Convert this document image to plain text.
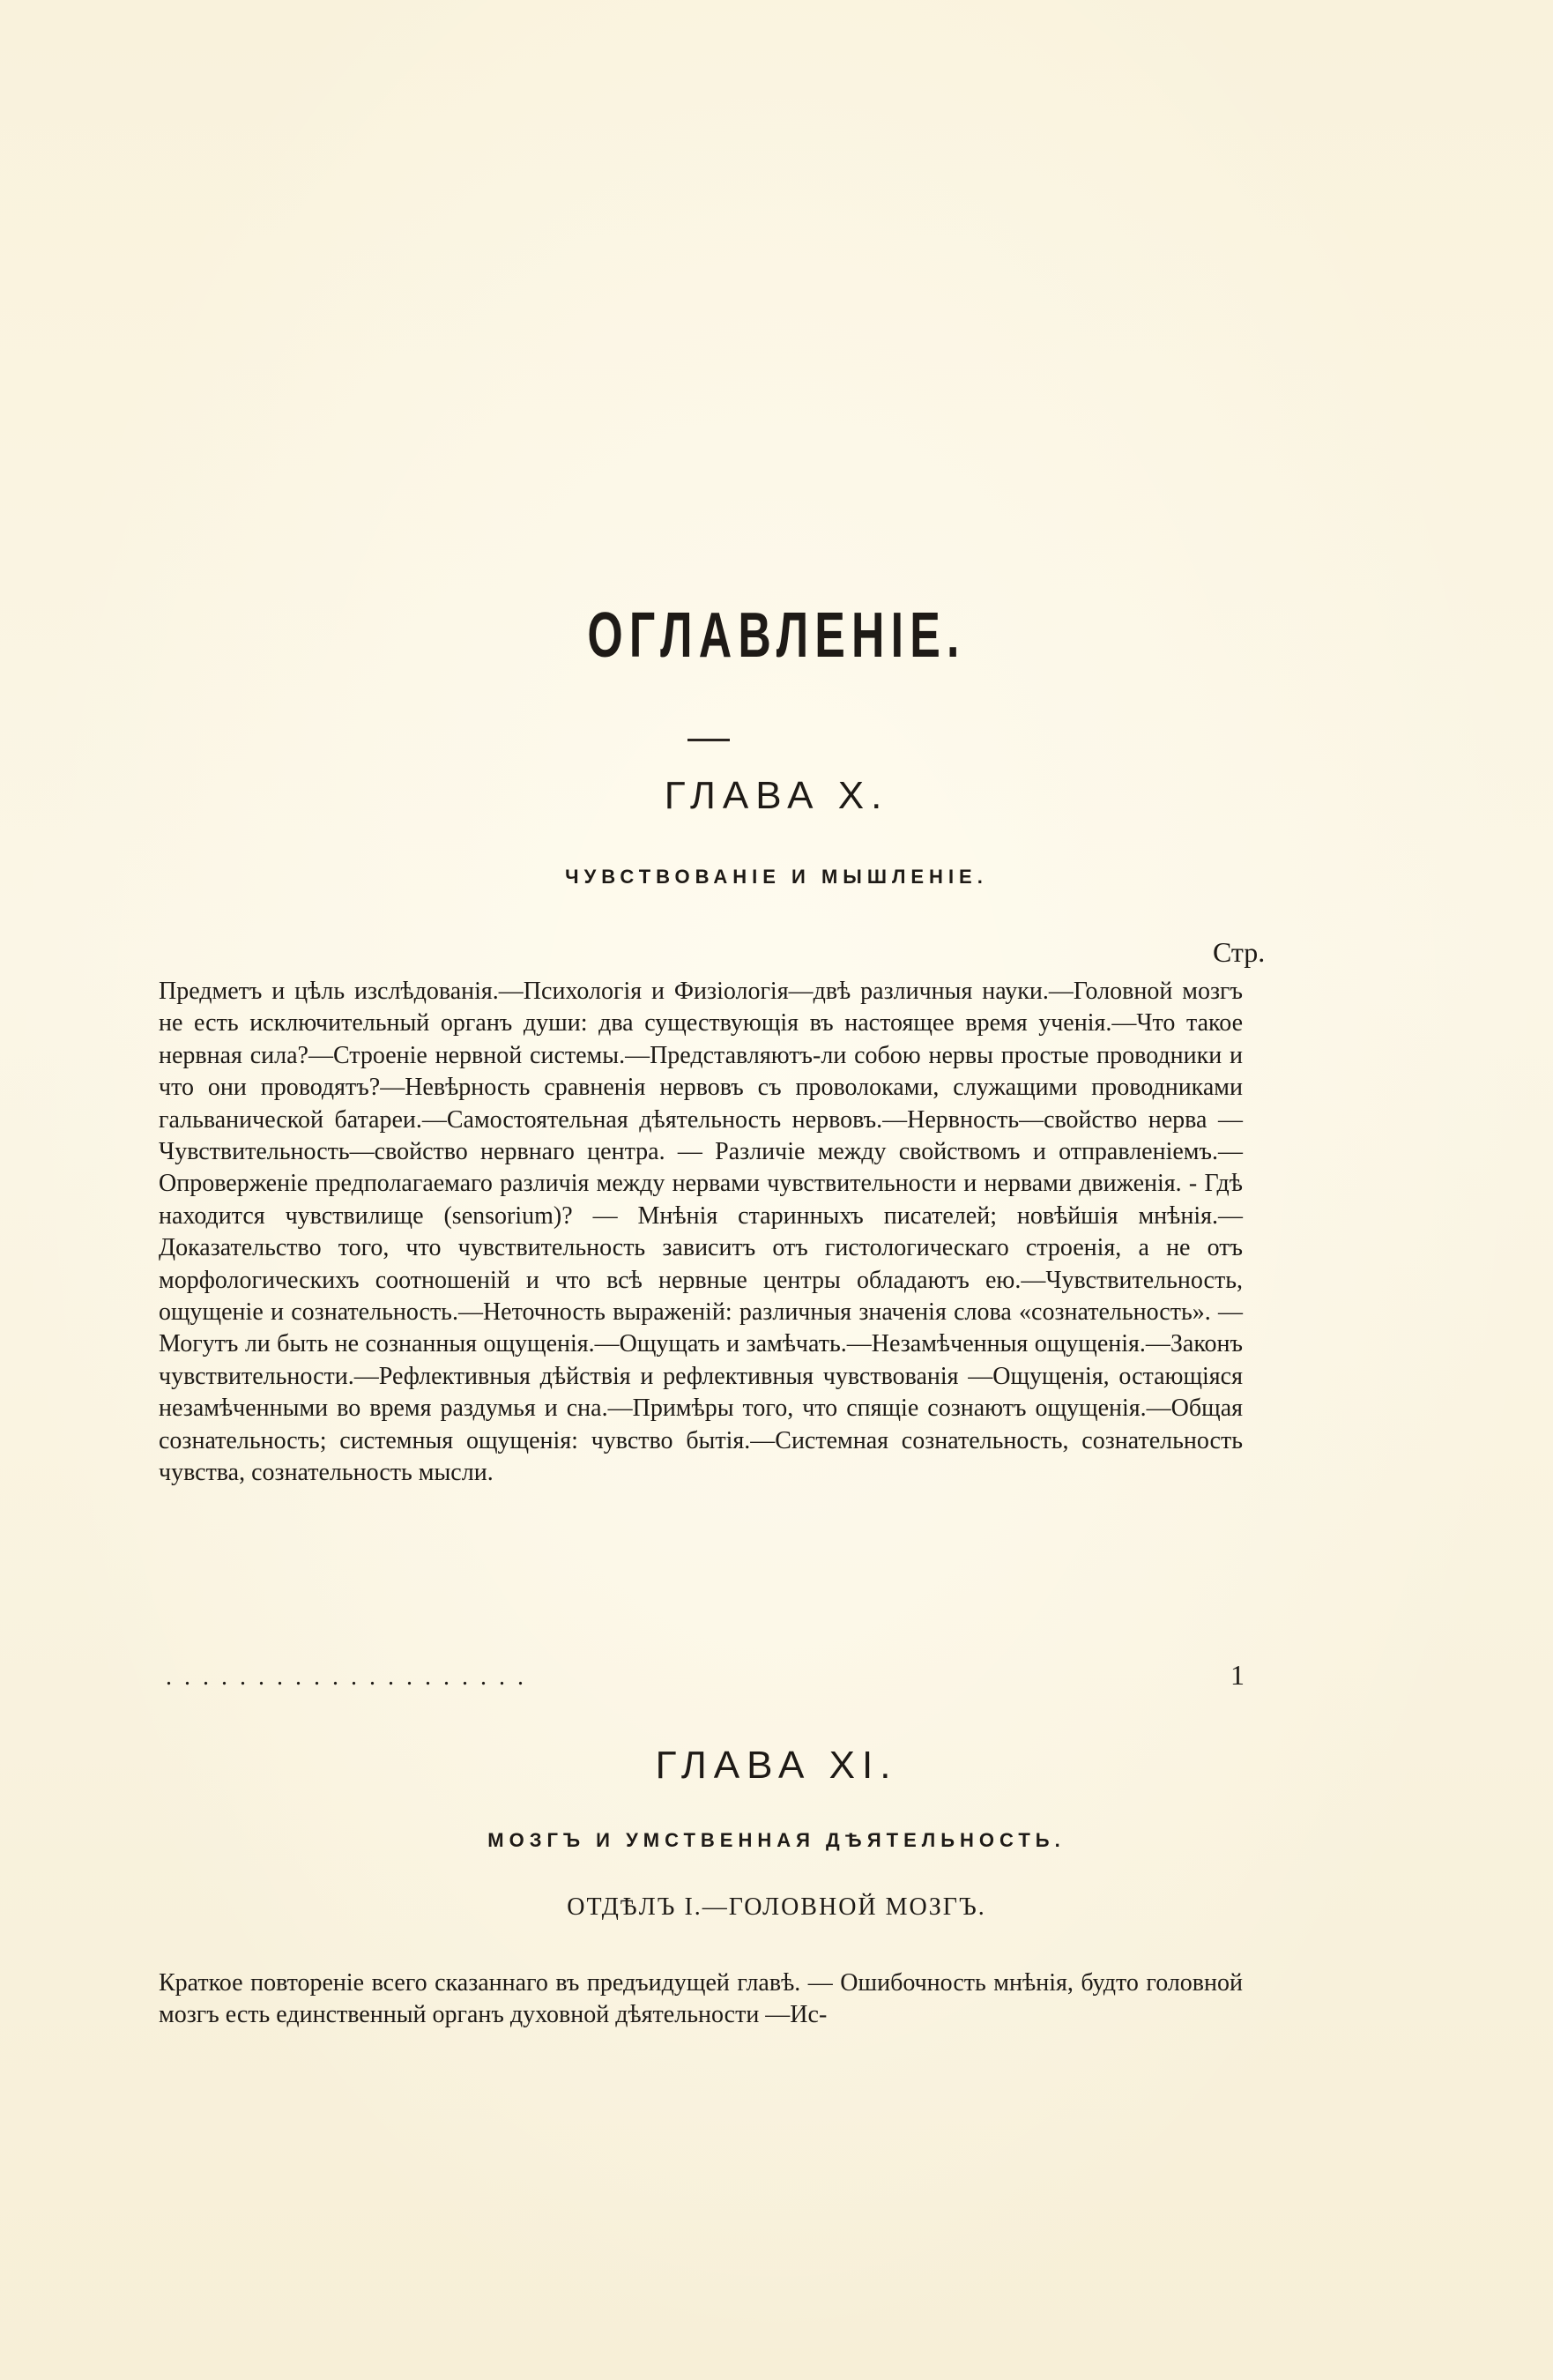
ОГЛАВЛЕНІЕ.
ГЛАВА X.
ЧУВСТВОВАНІЕ И МЫШЛЕНІЕ.
Стр.
Предметъ и цѣль изслѣдованія.—Психологія и Физіологія—двѣ различныя науки.—Головной мозгъ не есть исключительный органъ души: два существующія въ настоящее время ученія.—Что такое нервная сила?—Строеніе нервной системы.—Представляютъ-ли собою нервы простые проводники и что они проводятъ?—Невѣрность сравненія нервовъ съ проволоками, служащими проводниками гальванической батареи.—Самостоятельная дѣятельность нервовъ.—Нервность—свойство нерва — Чувствительность—свойство нервнаго центра. — Различіе между свойствомъ и отправленіемъ.—Опроверженіе предполагаемаго различія между нервами чувствительности и нервами движенія. - Гдѣ находится чувствилище (sensorium)? — Мнѣнія старинныхъ писателей; новѣйшія мнѣнія.—Доказательство того, что чувствительность зависитъ отъ гистологическаго строенія, а не отъ морфологическихъ соотношеній и что всѣ нервные центры обладаютъ ею.—Чувствительность, ощущеніе и сознательность.—Неточность выраженій: различныя значенія слова «сознательность». — Могутъ ли быть не сознанныя ощущенія.—Ощущать и замѣчать.—Незамѣченныя ощущенія.—Законъ чувствительности.—Рефлективныя дѣйствія и рефлективныя чувствованія —Ощущенія, остающіяся незамѣченными во время раздумья и сна.—Примѣры того, что спящіе сознаютъ ощущенія.—Общая сознательность; системныя ощущенія: чувство бытія.—Системная сознательность, сознательность чувства, сознательность мысли.
....................	1
ГЛАВА XI.
МОЗГЪ И УМСТВЕННАЯ ДѢЯТЕЛЬНОСТЬ.
ОТДѢЛЪ I.—ГОЛОВНОЙ МОЗГЪ.
Краткое повтореніе всего сказаннаго въ предъидущей главѣ. — Ошибочность мнѣнія, будто головной мозгъ есть единственный органъ духовной дѣятельности —Ис-
